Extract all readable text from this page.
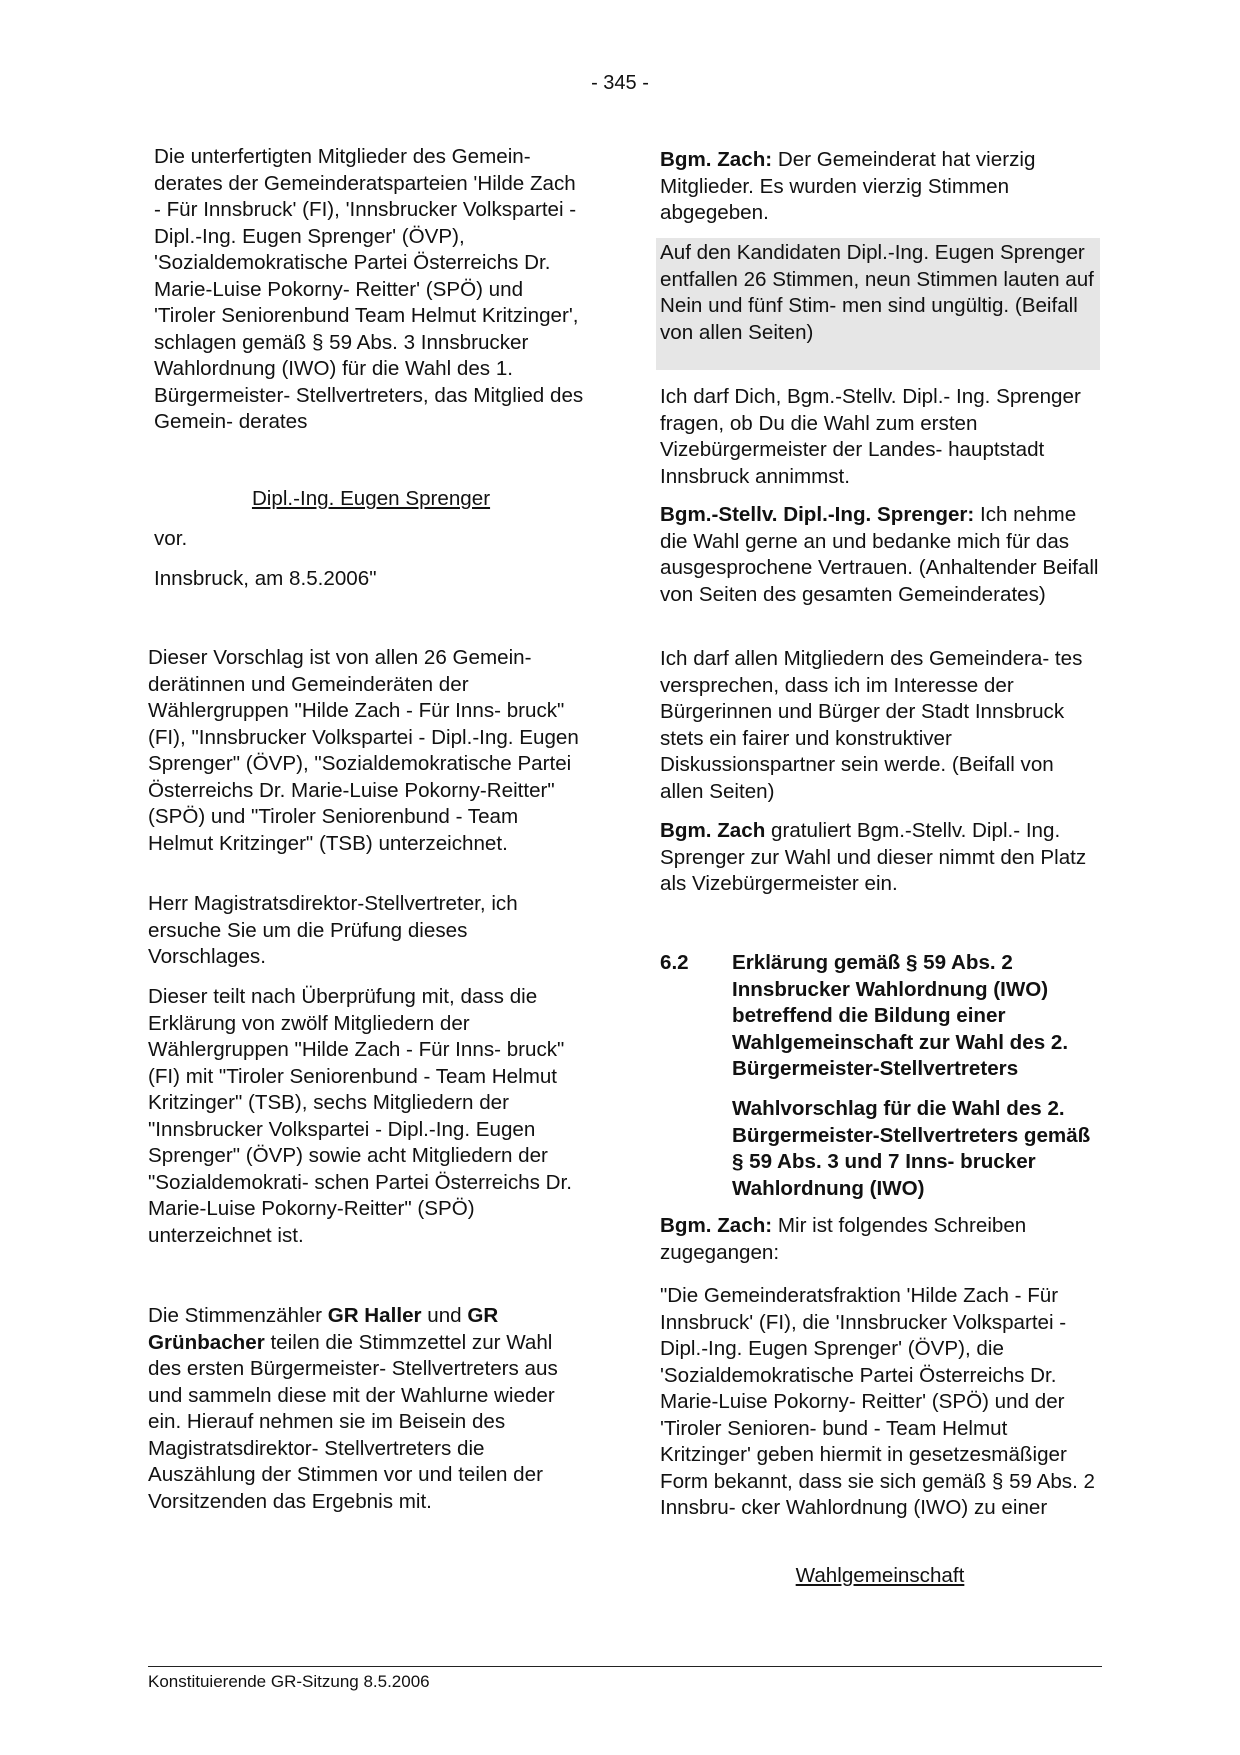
- 345 -

Die unterfertigten Mitglieder des Gemein- derates der Gemeinderatsparteien 'Hilde Zach - Für Innsbruck' (FI), 'Innsbrucker Volkspartei - Dipl.-Ing. Eugen Sprenger' (ÖVP), 'Sozialdemokratische Partei Österreichs Dr. Marie-Luise Pokorny- Reitter' (SPÖ) und 'Tiroler Seniorenbund Team Helmut Kritzinger', schlagen gemäß § 59 Abs. 3 Innsbrucker Wahlordnung (IWO) für die Wahl des 1. Bürgermeister- Stellvertreters, das Mitglied des Gemein- derates

Dipl.-Ing. Eugen Sprenger

vor.

Innsbruck, am 8.5.2006"

Dieser Vorschlag ist von allen 26 Gemein- derätinnen und Gemeinderäten der Wählergruppen "Hilde Zach - Für Inns- bruck" (FI), "Innsbrucker Volkspartei - Dipl.-Ing. Eugen Sprenger" (ÖVP), "Sozialdemokratische Partei Österreichs Dr. Marie-Luise Pokorny-Reitter" (SPÖ) und "Tiroler Seniorenbund - Team Helmut Kritzinger" (TSB) unterzeichnet.

Herr Magistratsdirektor-Stellvertreter, ich ersuche Sie um die Prüfung dieses Vorschlages.

Dieser teilt nach Überprüfung mit, dass die Erklärung von zwölf Mitgliedern der Wählergruppen "Hilde Zach - Für Inns- bruck" (FI) mit "Tiroler Seniorenbund - Team Helmut Kritzinger" (TSB), sechs Mitgliedern der "Innsbrucker Volkspartei - Dipl.-Ing. Eugen Sprenger" (ÖVP) sowie acht Mitgliedern der "Sozialdemokrati- schen Partei Österreichs Dr. Marie-Luise Pokorny-Reitter" (SPÖ) unterzeichnet ist.

Die Stimmenzähler GR Haller und GR Grünbacher teilen die Stimmzettel zur Wahl des ersten Bürgermeister- Stellvertreters aus und sammeln diese mit der Wahlurne wieder ein. Hierauf nehmen sie im Beisein des Magistratsdirektor- Stellvertreters die Auszählung der Stimmen vor und teilen der Vorsitzenden das Ergebnis mit.

Bgm. Zach: Der Gemeinderat hat vierzig Mitglieder. Es wurden vierzig Stimmen abgegeben.

Auf den Kandidaten Dipl.-Ing. Eugen Sprenger entfallen 26 Stimmen, neun Stimmen lauten auf Nein und fünf Stim- men sind ungültig. (Beifall von allen Seiten)

Ich darf Dich, Bgm.-Stellv. Dipl.- Ing. Sprenger fragen, ob Du die Wahl zum ersten Vizebürgermeister der Landes- hauptstadt Innsbruck annimmst.

Bgm.-Stellv. Dipl.-Ing. Sprenger: Ich nehme die Wahl gerne an und bedanke mich für das ausgesprochene Vertrauen. (Anhaltender Beifall von Seiten des gesamten Gemeinderates)

Ich darf allen Mitgliedern des Gemeindera- tes versprechen, dass ich im Interesse der Bürgerinnen und Bürger der Stadt Innsbruck stets ein fairer und konstruktiver Diskussionspartner sein werde. (Beifall von allen Seiten)

Bgm. Zach gratuliert Bgm.-Stellv. Dipl.- Ing. Sprenger zur Wahl und dieser nimmt den Platz als Vizebürgermeister ein.

6.2 Erklärung gemäß § 59 Abs. 2 Innsbrucker Wahlordnung (IWO) betreffend die Bildung einer Wahlgemeinschaft zur Wahl des 2. Bürgermeister-Stellvertreters
Wahlvorschlag für die Wahl des 2. Bürgermeister-Stellvertreters gemäß § 59 Abs. 3 und 7 Inns- brucker Wahlordnung (IWO)

Bgm. Zach: Mir ist folgendes Schreiben zugegangen:

"Die Gemeinderatsfraktion 'Hilde Zach - Für Innsbruck' (FI), die 'Innsbrucker Volkspartei - Dipl.-Ing. Eugen Sprenger' (ÖVP), die 'Sozialdemokratische Partei Österreichs Dr. Marie-Luise Pokorny- Reitter' (SPÖ) und der 'Tiroler Senioren- bund - Team Helmut Kritzinger' geben hiermit in gesetzesmäßiger Form bekannt, dass sie sich gemäß § 59 Abs. 2 Innsbru- cker Wahlordnung (IWO) zu einer

Wahlgemeinschaft

Konstituierende GR-Sitzung 8.5.2006
